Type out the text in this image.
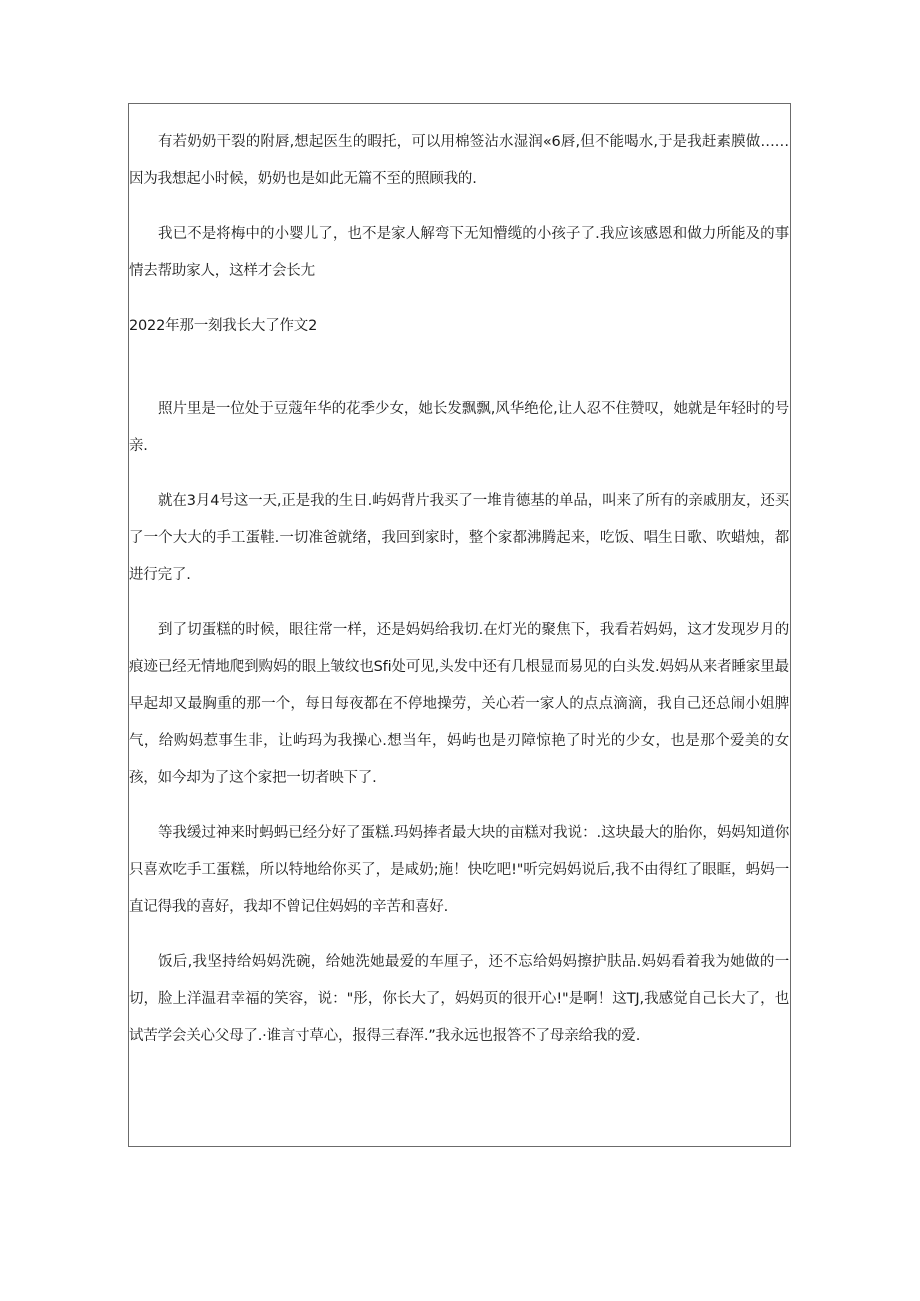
有若奶奶干裂的附唇,想起医生的暇托，可以用棉签沾水湿润«6唇,但不能喝水,于是我赶素膜做……因为我想起小时候，奶奶也是如此无篇不至的照顾我的.

我已不是将梅中的小婴儿了，也不是家人解弯下无知懵缆的小孩子了.我应该感恩和做力所能及的事情去帮助家人，这样才会长尢

2022年那一刻我长大了作文2

照片里是一位处于豆蔻年华的花季少女，她长发飘飘,风华绝伦,让人忍不住赞叹，她就是年轻时的号亲.

就在3月4号这一天,正是我的生日.屿妈背片我买了一堆肯德基的单品，叫来了所有的亲戚朋友，还买了一个大大的手工蛋鞋.一切准爸就绪，我回到家时，整个家都沸腾起来，吃饭、唱生日歌、吹蜡烛，都进行完了.

到了切蛋糕的时候，眼往常一样，还是妈妈给我切.在灯光的聚焦下，我看若妈妈，这才发现岁月的痕迹已经无情地爬到购妈的眼上皱纹也Sfi处可见,头发中还有几根显而易见的白头发.妈妈从来者睡家里最早起却又最胸重的那一个，每日每夜都在不停地操劳，关心若一家人的点点滴滴，我自己还总闹小姐脾气，给购妈惹事生非，让屿玛为我操心.想当年，妈屿也是刃障惊艳了时光的少女，也是那个爱美的女孩，如今却为了这个家把一切者映下了.

等我缓过神来时蚂蚂已经分好了蛋糕.玛妈捧者最大块的亩糕对我说：.这块最大的胎你，妈妈知道你只喜欢吃手工蛋糕，所以特地给你买了，是咸奶;施！快吃吧!"听完妈妈说后,我不由得红了眼眶，蚂妈一直记得我的喜好，我却不曾记住妈妈的辛苦和喜好.

饭后,我坚持给妈妈洗碗，给她洗她最爱的车厘子，还不忘给妈妈擦护肤品.妈妈看着我为她做的一切，脸上洋温君幸福的笑容，说："彤，你长大了，妈妈页的很开心!"是啊！这TJ,我感觉自己长大了，也试苦学会关心父母了.·谁言寸草心，报得三春浑.”我永远也报答不了母亲给我的爱.
